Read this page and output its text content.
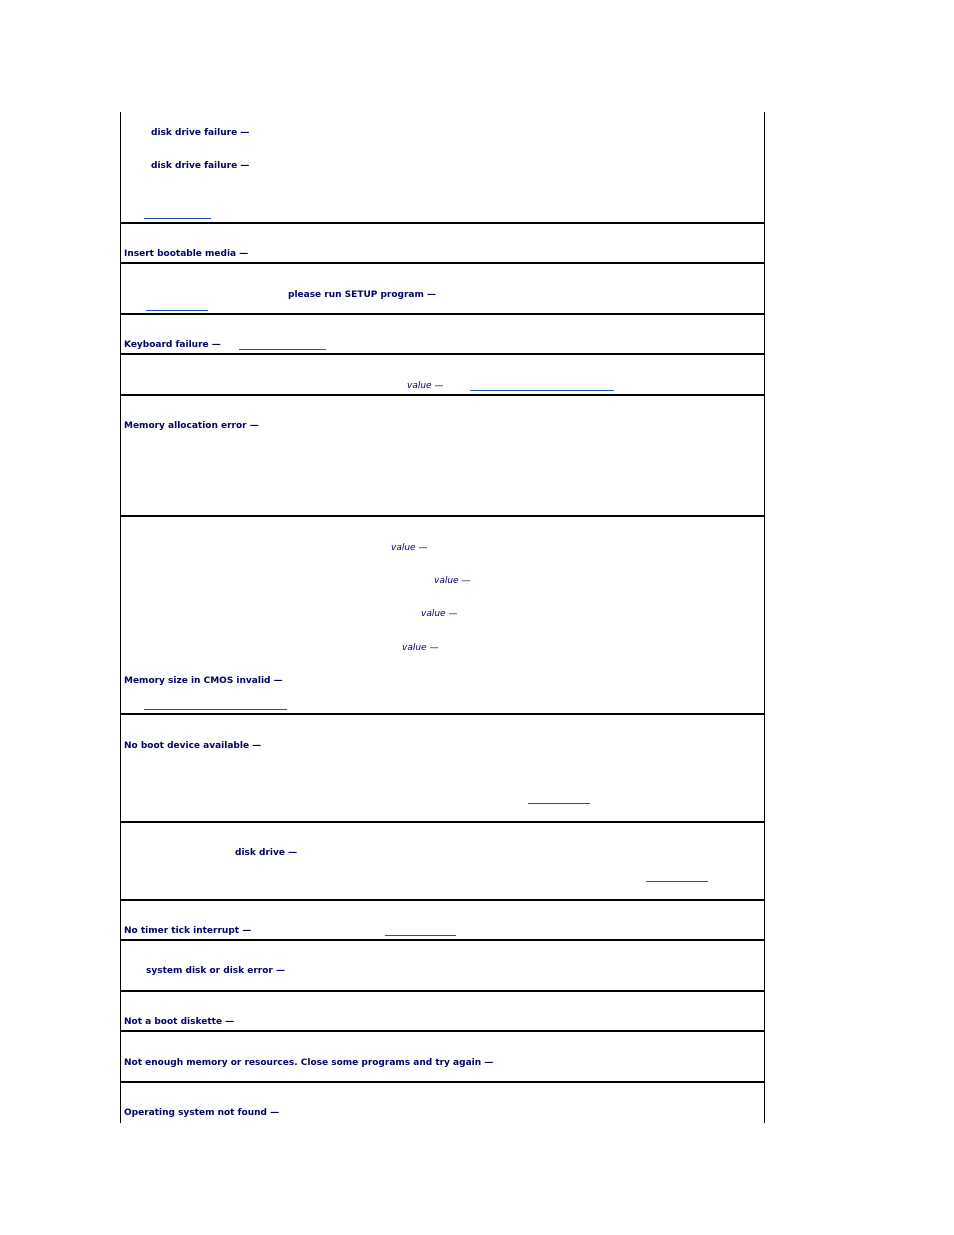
disk drive failure —
disk drive failure —
Insert bootable media —
please run SETUP program —
Keyboard failure —
value —
Memory allocation error —
value —
value —
value —
value —
Memory size in CMOS invalid —
No boot device available —
disk drive —
No timer tick interrupt —
system disk or disk error —
Not a boot diskette —
Not enough memory or resources. Close some programs and try again —
Operating system not found —
